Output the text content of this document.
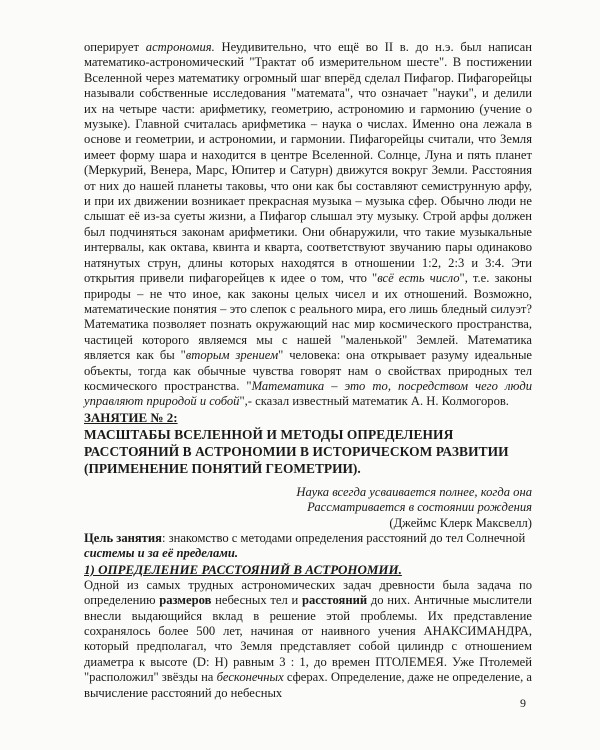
оперирует астрономия. Неудивительно, что ещё во II в. до н.э. был написан математико-астрономический "Трактат об измерительном шесте". В постижении Вселенной через математику огромный шаг вперёд сделал Пифагор. Пифагорейцы называли собственные исследования "математа", что означает "науки", и делили их на четыре части: арифметику, геометрию, астрономию и гармонию (учение о музыке). Главной считалась арифметика – наука о числах. Именно она лежала в основе и геометрии, и астрономии, и гармонии. Пифагорейцы считали, что Земля имеет форму шара и находится в центре Вселенной. Солнце, Луна и пять планет (Меркурий, Венера, Марс, Юпитер и Сатурн) движутся вокруг Земли. Расстояния от них до нашей планеты таковы, что они как бы составляют семиструнную арфу, и при их движении возникает прекрасная музыка – музыка сфер. Обычно люди не слышат её из-за суеты жизни, а Пифагор слышал эту музыку. Строй арфы должен был подчиняться законам арифметики. Они обнаружили, что такие музыкальные интервалы, как октава, квинта и кварта, соответствуют звучанию пары одинаково натянутых струн, длины которых находятся в отношении 1:2, 2:3 и 3:4. Эти открытия привели пифагорейцев к идее о том, что "всё есть число", т.е. законы природы – не что иное, как законы целых чисел и их отношений. Возможно, математические понятия – это слепок с реального мира, его лишь бледный силуэт? Математика позволяет познать окружающий нас мир космического пространства, частицей которого являемся мы с нашей "маленькой" Землей. Математика является как бы "вторым зрением" человека: она открывает разуму идеальные объекты, тогда как обычные чувства говорят нам о свойствах природных тел космического пространства. "Математика – это то, посредством чего люди управляют природой и собой",- сказал известный математик А. Н. Колмогоров.

ЗАНЯТИЕ № 2:

МАСШТАБЫ ВСЕЛЕННОЙ И МЕТОДЫ ОПРЕДЕЛЕНИЯ РАССТОЯНИЙ В АСТРОНОМИИ В ИСТОРИЧЕСКОМ РАЗВИТИИ

(ПРИМЕНЕНИЕ ПОНЯТИЙ ГЕОМЕТРИИ).

Наука всегда усваивается полнее, когда она

Рассматривается в состоянии рождения

(Джеймс Клерк Максвелл)

Цель занятия: знакомство с методами определения расстояний до тел Солнечной системы и за её пределами.

1) ОПРЕДЕЛЕНИЕ РАССТОЯНИЙ В АСТРОНОМИИ.

Одной из самых трудных астрономических задач древности была задача по определению размеров небесных тел и расстояний до них. Античные мыслители внесли выдающийся вклад в решение этой проблемы. Их представление сохранялось более 500 лет, начиная от наивного учения АНАКСИМАНДРА, который предполагал, что Земля представляет собой цилиндр с отношением диаметра к высоте (D: H) равным 3 : 1, до времен ПТОЛЕМЕЯ. Уже Птолемей "расположил" звёзды на бесконечных сферах. Определение, даже не определение, а вычисление расстояний до небесных

9
